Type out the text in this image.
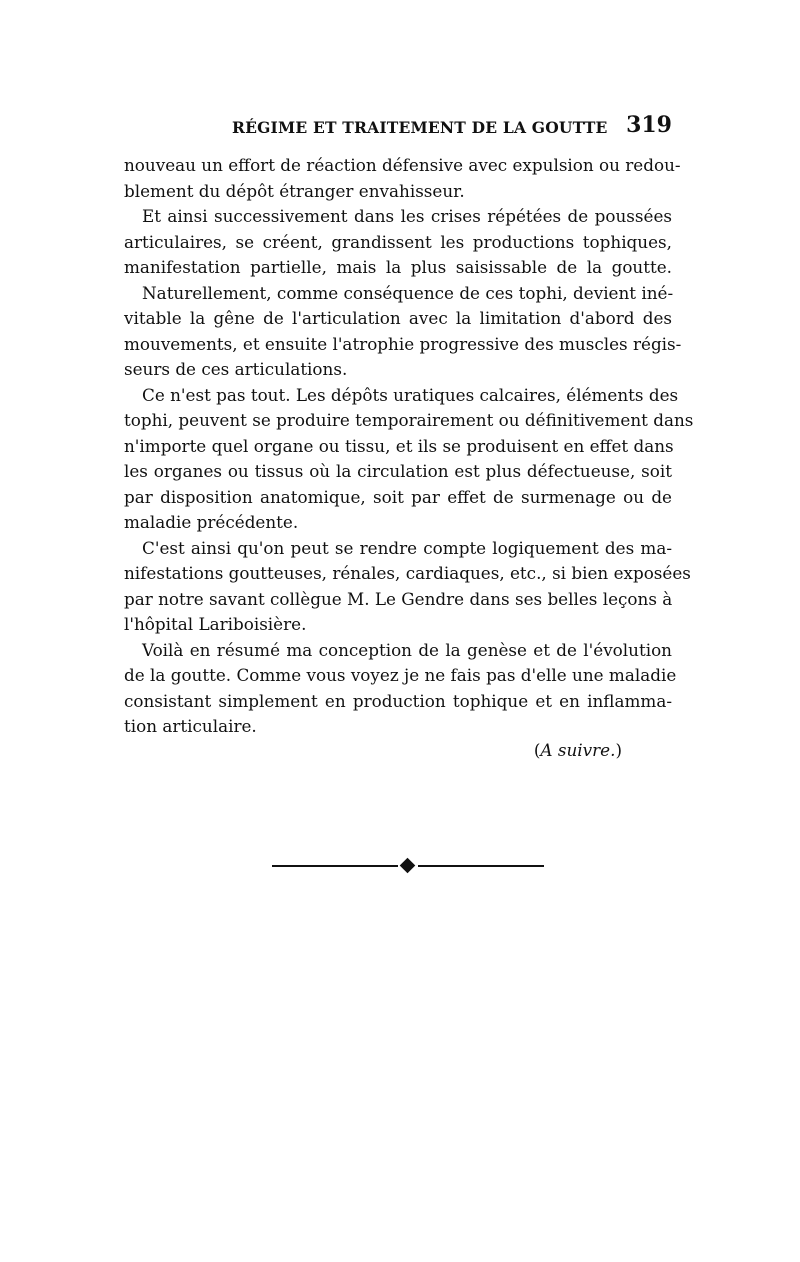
RÉGIME ET TRAITEMENT DE LA GOUTTE 319
nouveau un effort de réaction défensive avec expulsion ou redou-
blement du dépôt étranger envahisseur.
Et ainsi successivement dans les crises répétées de poussées
articulaires, se créent, grandissent les productions tophiques,
manifestation partielle, mais la plus saisissable de la goutte.
Naturellement, comme conséquence de ces tophi, devient iné-
vitable la gêne de l'articulation avec la limitation d'abord des
mouvements, et ensuite l'atrophie progressive des muscles régis-
seurs de ces articulations.
Ce n'est pas tout. Les dépôts uratiques calcaires, éléments des
tophi, peuvent se produire temporairement ou définitivement dans
n'importe quel organe ou tissu, et ils se produisent en effet dans
les organes ou tissus où la circulation est plus défectueuse, soit
par disposition anatomique, soit par effet de surmenage ou de
maladie précédente.
C'est ainsi qu'on peut se rendre compte logiquement des ma-
nifestations goutteuses, rénales, cardiaques, etc., si bien exposées
par notre savant collègue M. Le Gendre dans ses belles leçons à
l'hôpital Lariboisière.
Voilà en résumé ma conception de la genèse et de l'évolution
de la goutte. Comme vous voyez je ne fais pas d'elle une maladie
consistant simplement en production tophique et en inflamma-
tion articulaire.
(A suivre.)
